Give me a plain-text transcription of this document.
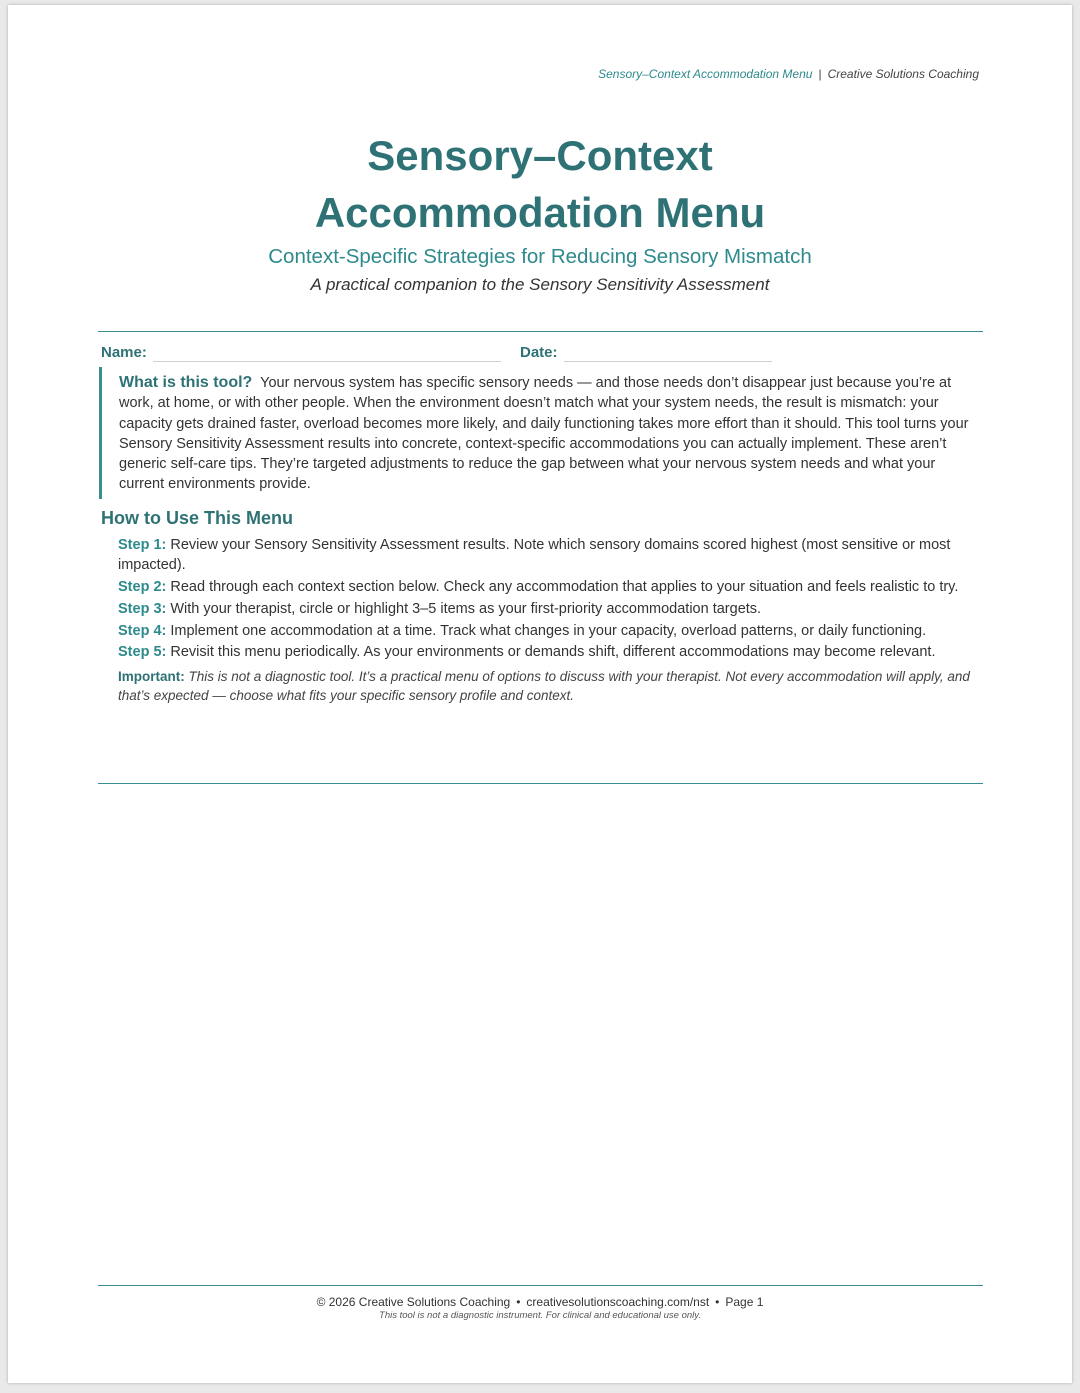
Sensory–Context Accommodation Menu | Creative Solutions Coaching
Sensory–Context
Accommodation Menu
Context-Specific Strategies for Reducing Sensory Mismatch
A practical companion to the Sensory Sensitivity Assessment
Name:	Date:
What is this tool? Your nervous system has specific sensory needs — and those needs don’t disappear just because you’re at work, at home, or with other people. When the environment doesn’t match what your system needs, the result is mismatch: your capacity gets drained faster, overload becomes more likely, and daily functioning takes more effort than it should. This tool turns your Sensory Sensitivity Assessment results into concrete, context-specific accommodations you can actually implement. These aren’t generic self-care tips. They’re targeted adjustments to reduce the gap between what your nervous system needs and what your current environments provide.
How to Use This Menu
Step 1: Review your Sensory Sensitivity Assessment results. Note which sensory domains scored highest (most sensitive or most impacted).
Step 2: Read through each context section below. Check any accommodation that applies to your situation and feels realistic to try.
Step 3: With your therapist, circle or highlight 3–5 items as your first-priority accommodation targets.
Step 4: Implement one accommodation at a time. Track what changes in your capacity, overload patterns, or daily functioning.
Step 5: Revisit this menu periodically. As your environments or demands shift, different accommodations may become relevant.
Important: This is not a diagnostic tool. It’s a practical menu of options to discuss with your therapist. Not every accommodation will apply, and that’s expected — choose what fits your specific sensory profile and context.
© 2026 Creative Solutions Coaching • creativesolutionscoaching.com/nst • Page 1
This tool is not a diagnostic instrument. For clinical and educational use only.
